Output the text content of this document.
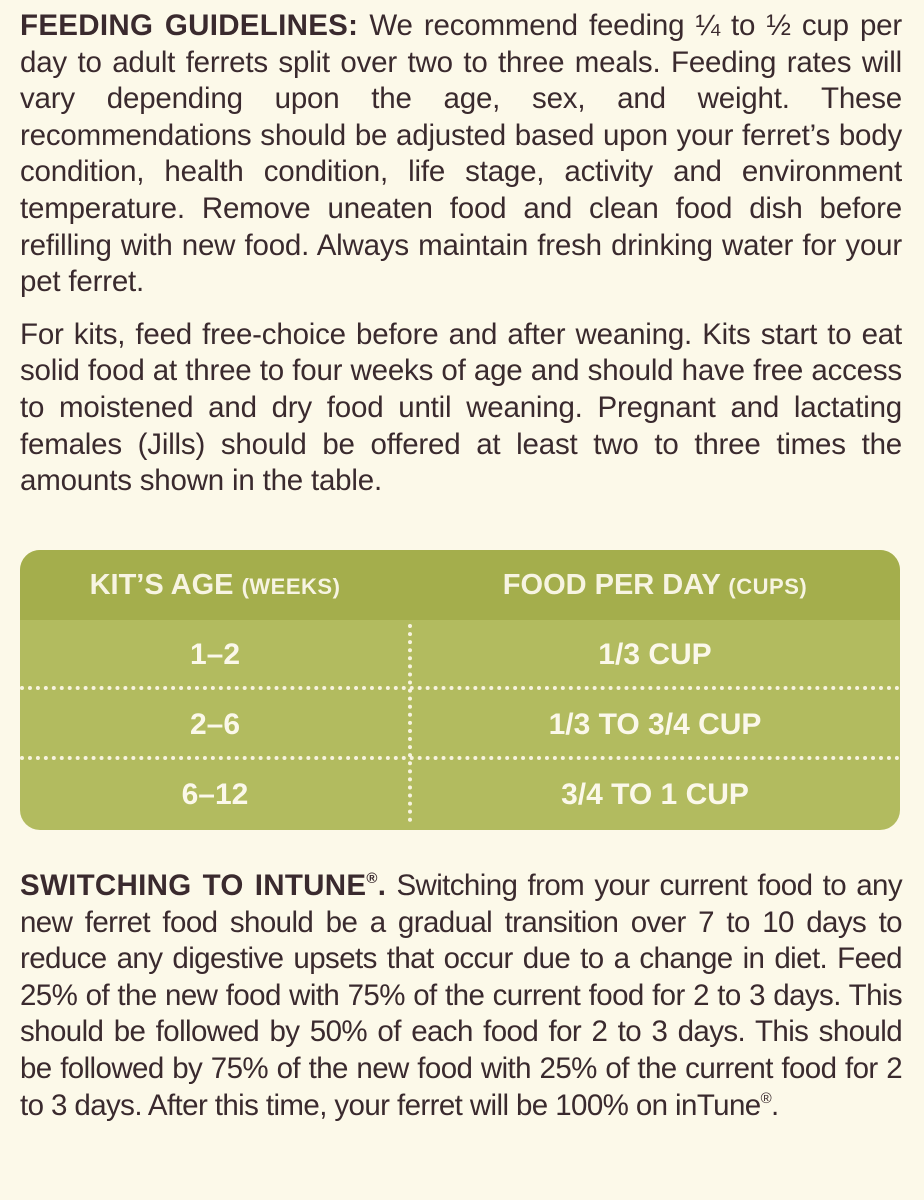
FEEDING GUIDELINES: We recommend feeding ¼ to ½ cup per day to adult ferrets split over two to three meals. Feeding rates will vary depending upon the age, sex, and weight. These recommendations should be adjusted based upon your ferret’s body condition, health condition, life stage, activity and environment temperature. Remove uneaten food and clean food dish before refilling with new food. Always maintain fresh drinking water for your pet ferret.

For kits, feed free-choice before and after weaning. Kits start to eat solid food at three to four weeks of age and should have free access to moistened and dry food until weaning. Pregnant and lactating females (Jills) should be offered at least two to three times the amounts shown in the table.

KIT’S AGE (WEEKS)	FOOD PER DAY (CUPS)
1–2	1/3 CUP
2–6	1/3 TO 3/4 CUP
6–12	3/4 TO 1 CUP

SWITCHING TO INTUNE®. Switching from your current food to any new ferret food should be a gradual transition over 7 to 10 days to reduce any digestive upsets that occur due to a change in diet. Feed 25% of the new food with 75% of the current food for 2 to 3 days. This should be followed by 50% of each food for 2 to 3 days. This should be followed by 75% of the new food with 25% of the current food for 2 to 3 days. After this time, your ferret will be 100% on inTune®.
